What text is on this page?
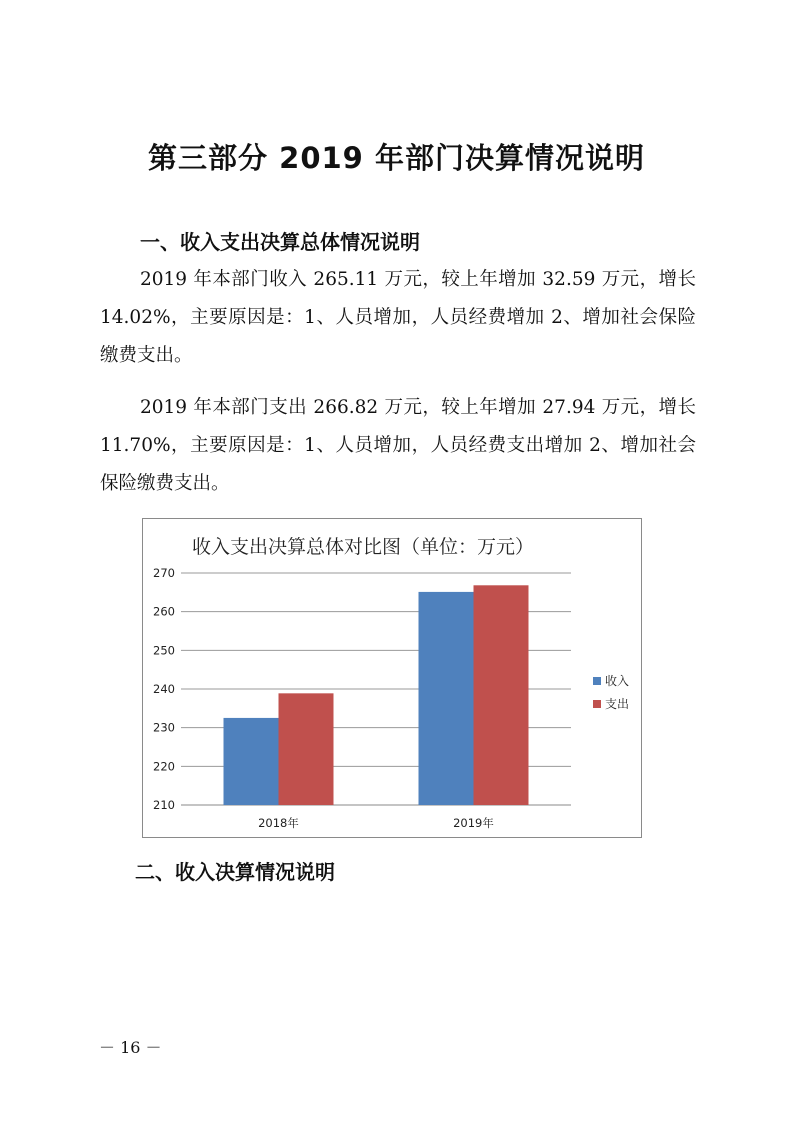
第三部分 2019 年部门决算情况说明
一、收入支出决算总体情况说明

2019 年本部门收入 265.11 万元，较上年增加 32.59 万元，增长 14.02%，主要原因是：1、人员增加，人员经费增加 2、增加社会保险缴费支出。

2019 年本部门支出 266.82 万元，较上年增加 27.94 万元，增长 11.70%，主要原因是：1、人员增加，人员经费支出增加 2、增加社会保险缴费支出。

收入支出决算总体对比图（单位：万元）
210
220
230
240
250
260
270
2018年	2019年
收入
支出
二、收入决算情况说明
－ 16 －
